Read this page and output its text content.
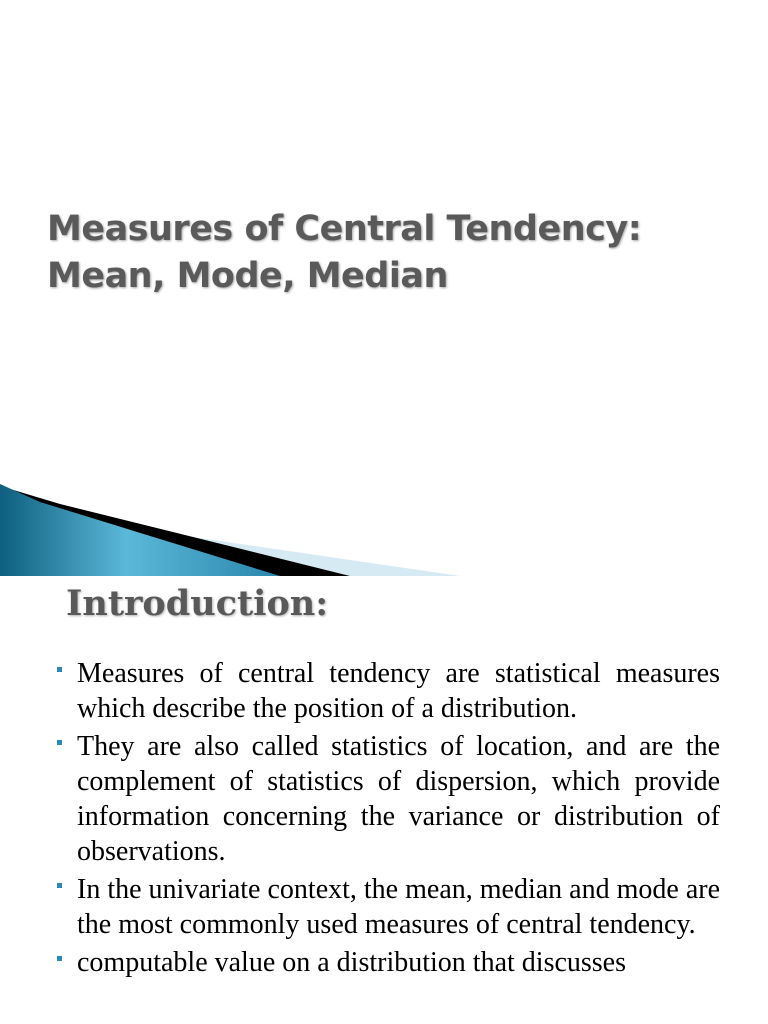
Measures of Central Tendency:
Mean, Mode, Median
Introduction:
Measures of central tendency are statistical measures which describe the position of a distribution.
They are also called statistics of location, and are the complement of statistics of dispersion, which provide information concerning the variance or distribution of observations.
In the univariate context, the mean, median and mode are the most commonly used measures of central tendency.
computable value on a distribution that discusses
